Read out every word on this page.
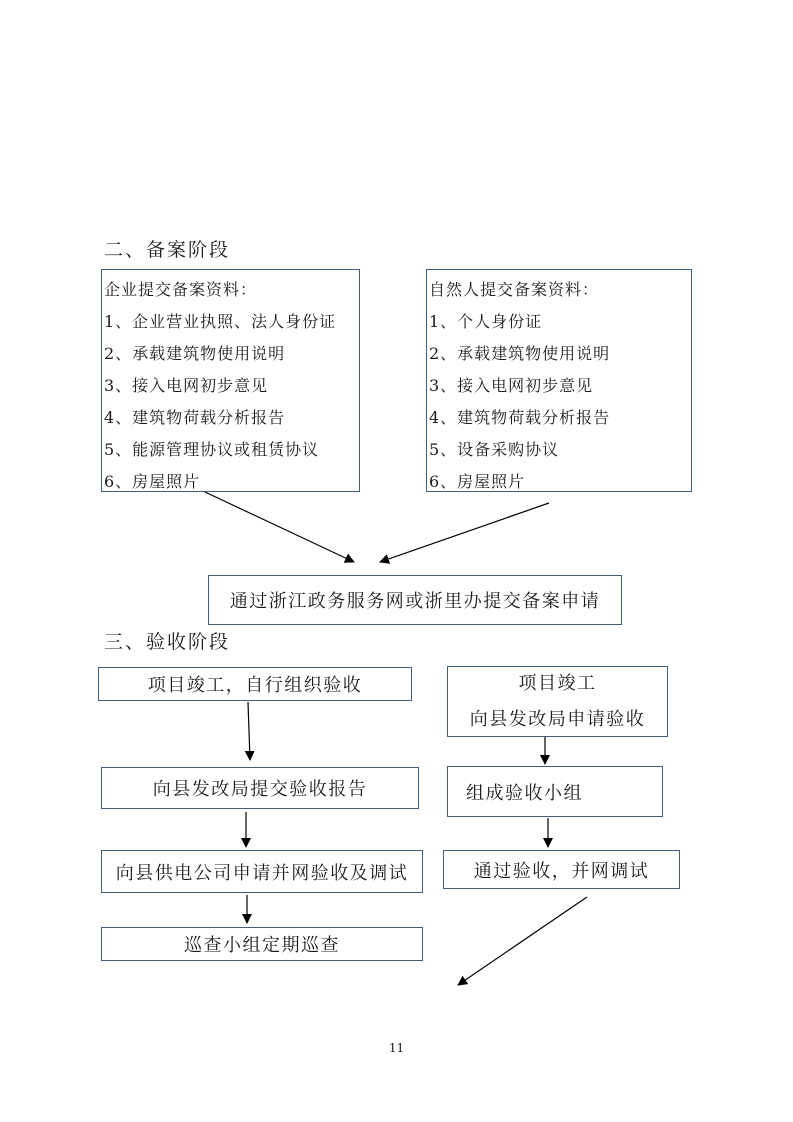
二、备案阶段
企业提交备案资料：
1、企业营业执照、法人身份证
2、承载建筑物使用说明
3、接入电网初步意见
4、建筑物荷载分析报告
5、能源管理协议或租赁协议
6、房屋照片
自然人提交备案资料：
1、个人身份证
2、承载建筑物使用说明
3、接入电网初步意见
4、建筑物荷载分析报告
5、设备采购协议
6、房屋照片
通过浙江政务服务网或浙里办提交备案申请
三、验收阶段
项目竣工，自行组织验收
向县发改局提交验收报告
向县供电公司申请并网验收及调试
巡查小组定期巡查
项目竣工
向县发改局申请验收
组成验收小组
通过验收，并网调试
11
